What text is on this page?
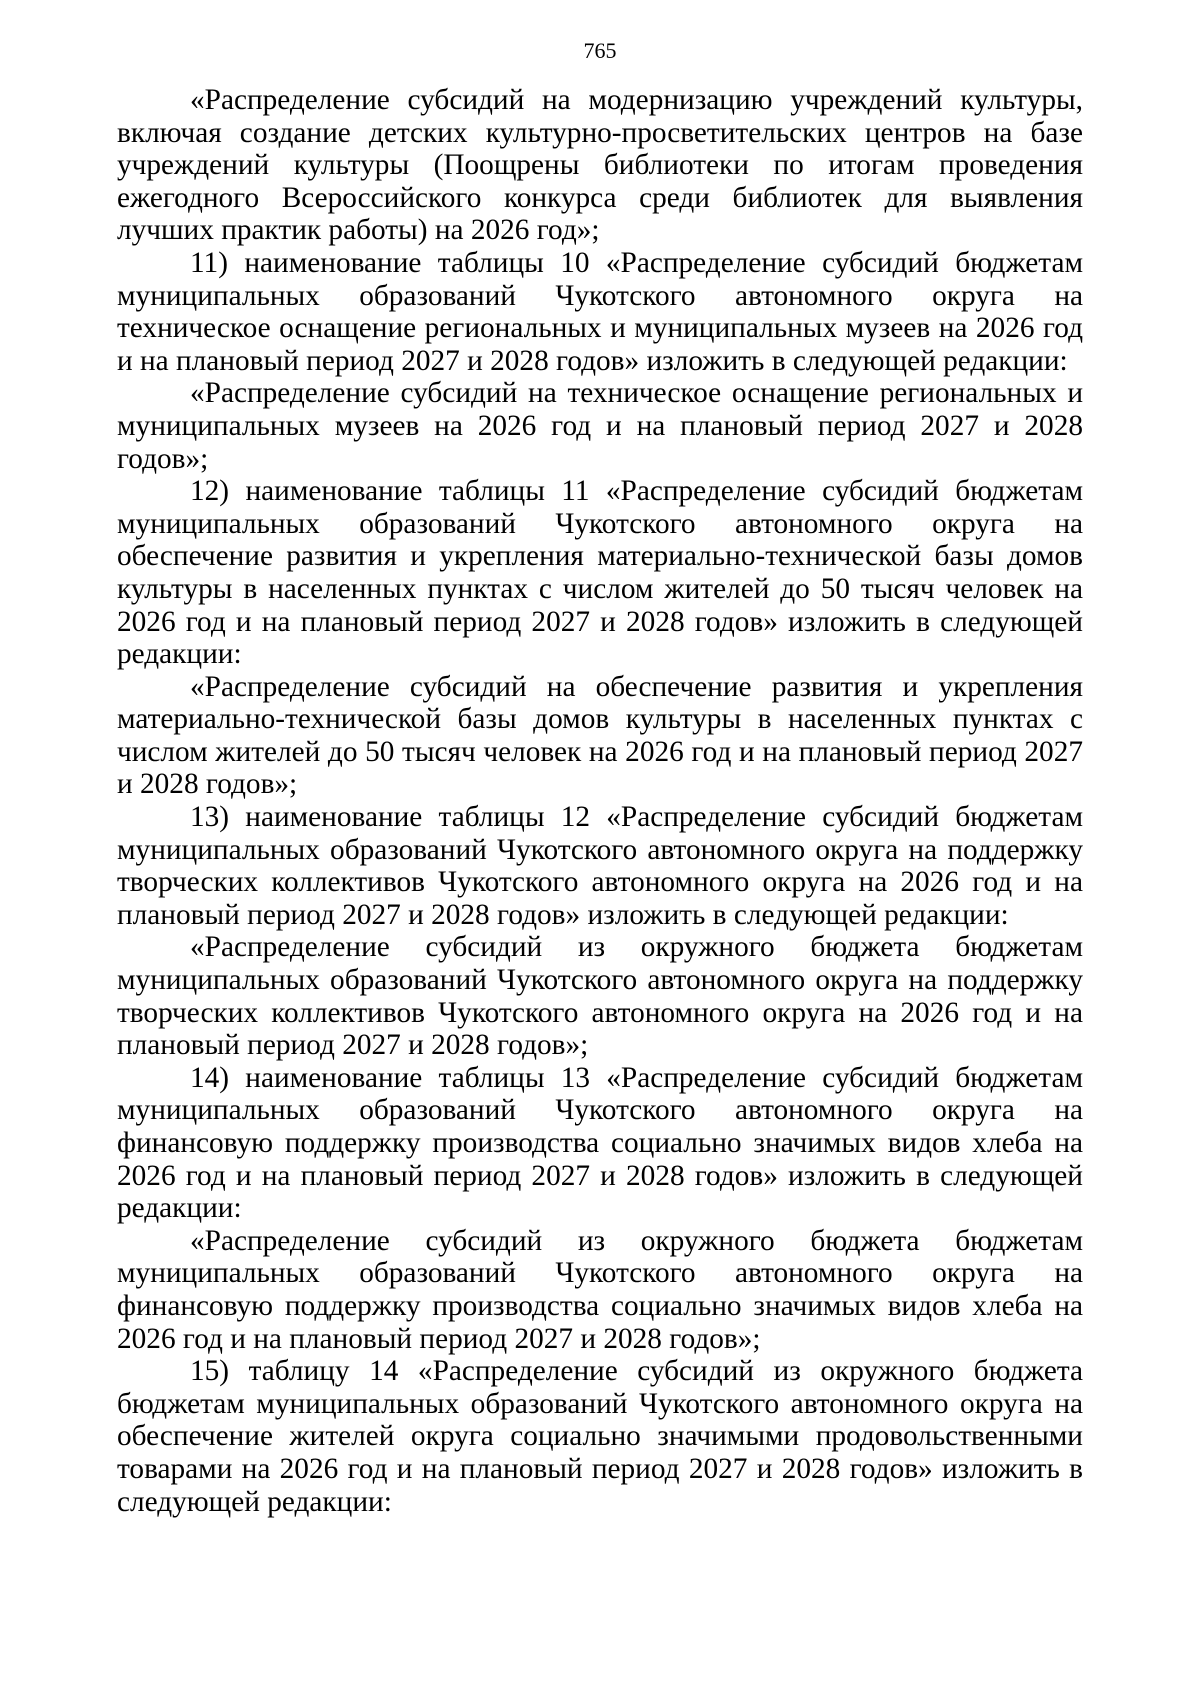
765

«Распределение субсидий на модернизацию учреждений культуры, включая создание детских культурно-просветительских центров на базе учреждений культуры (Поощрены библиотеки по итогам проведения ежегодного Всероссийского конкурса среди библиотек для выявления лучших практик работы) на 2026 год»;

11) наименование таблицы 10 «Распределение субсидий бюджетам муниципальных образований Чукотского автономного округа на техническое оснащение региональных и муниципальных музеев на 2026 год и на плановый период 2027 и 2028 годов» изложить в следующей редакции:

«Распределение субсидий на техническое оснащение региональных и муниципальных музеев на 2026 год и на плановый период 2027 и 2028 годов»;

12) наименование таблицы 11 «Распределение субсидий бюджетам муниципальных образований Чукотского автономного округа на обеспечение развития и укрепления материально-технической базы домов культуры в населенных пунктах с числом жителей до 50 тысяч человек на 2026 год и на плановый период 2027 и 2028 годов» изложить в следующей редакции:

«Распределение субсидий на обеспечение развития и укрепления материально-технической базы домов культуры в населенных пунктах с числом жителей до 50 тысяч человек на 2026 год и на плановый период 2027 и 2028 годов»;

13) наименование таблицы 12 «Распределение субсидий бюджетам муниципальных образований Чукотского автономного округа на поддержку творческих коллективов Чукотского автономного округа на 2026 год и на плановый период 2027 и 2028 годов» изложить в следующей редакции:

«Распределение субсидий из окружного бюджета бюджетам муниципальных образований Чукотского автономного округа на поддержку творческих коллективов Чукотского автономного округа на 2026 год и на плановый период 2027 и 2028 годов»;

14) наименование таблицы 13 «Распределение субсидий бюджетам муниципальных образований Чукотского автономного округа на финансовую поддержку производства социально значимых видов хлеба на 2026 год и на плановый период 2027 и 2028 годов» изложить в следующей редакции:

«Распределение субсидий из окружного бюджета бюджетам муниципальных образований Чукотского автономного округа на финансовую поддержку производства социально значимых видов хлеба на 2026 год и на плановый период 2027 и 2028 годов»;

15) таблицу 14 «Распределение субсидий из окружного бюджета бюджетам муниципальных образований Чукотского автономного округа на обеспечение жителей округа социально значимыми продовольственными товарами на 2026 год и на плановый период 2027 и 2028 годов» изложить в следующей редакции:
